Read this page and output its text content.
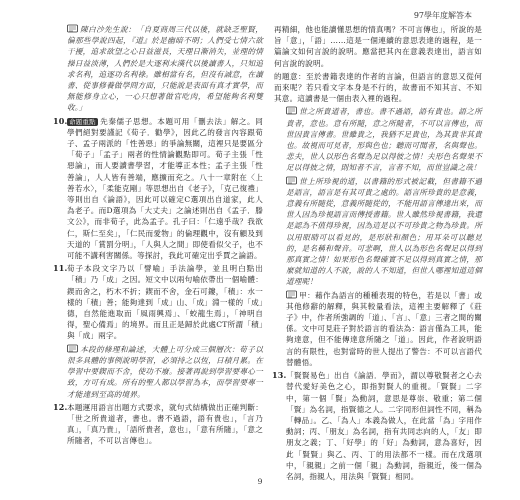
97學年度解答本

陳白沙先生說：「自夏商周三代以後，就缺乏聖賢，偏那些學說四起，『道』於是幽暗不明；人們受七情六欲干擾，追求欲望之心日益滋長，天理日漸消失，並理的情操日益淡薄，人們於是大逐利末漢代以後讀書人，只知追求名利，追逐功名利祿。雖相當有名，但沒有誠意，在讀書、從事修養做學問方面，只能說是表面有真才實學，而無能修身立心，一心只想著做官吃肉，希望能夠名利雙收。」

10. 命題重點 先秦儒子思想。本題可用「刪去法」解之。同學們絕對要謹記《荀子．勸學》，因此乙的發言內容跟荀子、孟子兩派的「性善惡」的爭論無關，這裡只是要區分「荀子」「孟子」兩者的性情論觀點即可。荀子主張「性惡論」，而人要讀書學習，才能導正本性；孟子主張「性善論」，人人皆有善端，應擴而充之。八十一章附在〈上善若水〉，「柔能克剛」等思想出自《老子》，「克己復禮」等則出自《論語》，因此可以確定C選項出自道家，此人為老子。而D選項為「大丈夫」之論述則出自《孟子．滕文公》，而非荀子，此為孟子。孔子曰：「仁遠乎哉？我欲仁，斯仁至矣」，「仁民而愛物」的倫理觀中，沒有顧及到天道的「賞罰分明」，「人與人之間」即使看似父子，也不可能不講利害關係。等探討，我此可確定出乎賈之論語。
11. 荀子本段文字乃以「譬喻」手法論學，並且明白點出「積」乃「成」之因。短文中以兩句喻依帶出一個喻體：鍥而舍之，朽木不折；鍥而不舍，金石可鏤，「積」：水一樣的「積」善；能夠達到「成」山、「成」淵一樣的「成」德，自然能進取而「風雨興焉」、「蛟龍生焉」，「神明自得，聖心備焉」的境界。而且正是歸於此處CT所謂「積」與「成」兩字。

本段的條理和論述，大體上可分成三個層次：荀子以很多具體的事例說明學習，必須持之以恆，日積月累。在學習中要鍥而不舍，使功不廢。接著再說到學習要專心一致，方可有成。所有的聖人都以學習為本，而學習要專一才能達到至高的境界。

12. 本題運用語言出題方式要求，就句式結構做出正確判斷：「世之所貴道者，書也。書不過語，語有貴也」，「言乃真」，「真乃貴」，「語所貴者，意也」，「意有所隨」，「意之所隨者，不可以言傳也」。

再精細，他也能讀懂思想的情真嗎？不可言傳也」，所說的是旨「意」，「語」……這是一個連續的意思表達的過程，是一篇論文如何言說的說明。應當把其內在意義表達出，語言如何言說的說明。

的題意：至於書籍表達的作者的言論，但語言的意思又從何而來呢？若只看文字本身是不行的，故書而不知其言、不知其意。這讀書是一個由表入裡的過程。

世之所貴道者，書也。書不過語，語有貴也。語之所貴者，意也。意有所隨，意之所隨者，不可以言傳也，而世因貴言傳書。世雖貴之，我猶不足貴也，為其貴非其貴也。故視而可見者，形與色也；聽而可聞者，名與聲也。悲夫，世人以形色名聲為足以得彼之情！夫形色名聲果不足以得彼之情，則知者不言，言者不知，而世豈識之哉！

世上所珍視的道，以書籍的形式被記載，但書籍不過是語言，語言是有其可貴之處的。語言所珍貴的是意義，意義有所隨從，意義所隨從的，不能用語言傳達出來，而世人因為珍視語言而傳授書籍。世人雖然珍視書籍，我還是認為不值得珍視，因為這是以不可珍貴之物為珍貴。所以用眼睛可以看見的，是形狀和顏色；用耳朵可以聽見的，是名稱和聲音。可悲啊，世人以為形色名聲足以得到那真實之情！如果形色名聲確實不足以得到真實之情，那麼就知道的人不說，說的人不知道，但世人哪裡知道這個道理呢！

甲：藉作為語言的種種表現的特色，若是以「書」或其他修辭的解釋，與其較量看法，這裡主要解釋了《莊子》中，作者所強調的「道」、「言」、「意」三者之間的關係。文中可見莊子對於語言的看法為：語言僅為工具，能夠達意，但不能傳達意所隨之「道」。因此，作者說明語言的有限性，也對當時的世人提出了警告：不可以言語代替體悟。

13. 「賢賢易色」出自《論語．學而》，謂以尊敬賢者之心去替代愛好美色之心，即指對賢人的重視。「賢賢」二字中，第一個「賢」為動詞，意思是尊崇、敬重；第二個「賢」為名詞，指賢德之人。二字同形但詞性不同，稱為「轉品」。乙、「為人」本義為做人，在此當「為」字用作動詞；丙、「朋友」為名詞，指有共同志向的人，「友」即朋友之義；丁、「好學」的「好」為動詞，意為喜好，因此「賢賢」與乙、丙、丁的用法都不一樣。而在戊選項中，「親親」之前一個「親」為動詞，指親近，後一個為名詞，指親人，用法與「賢賢」相同。
9
